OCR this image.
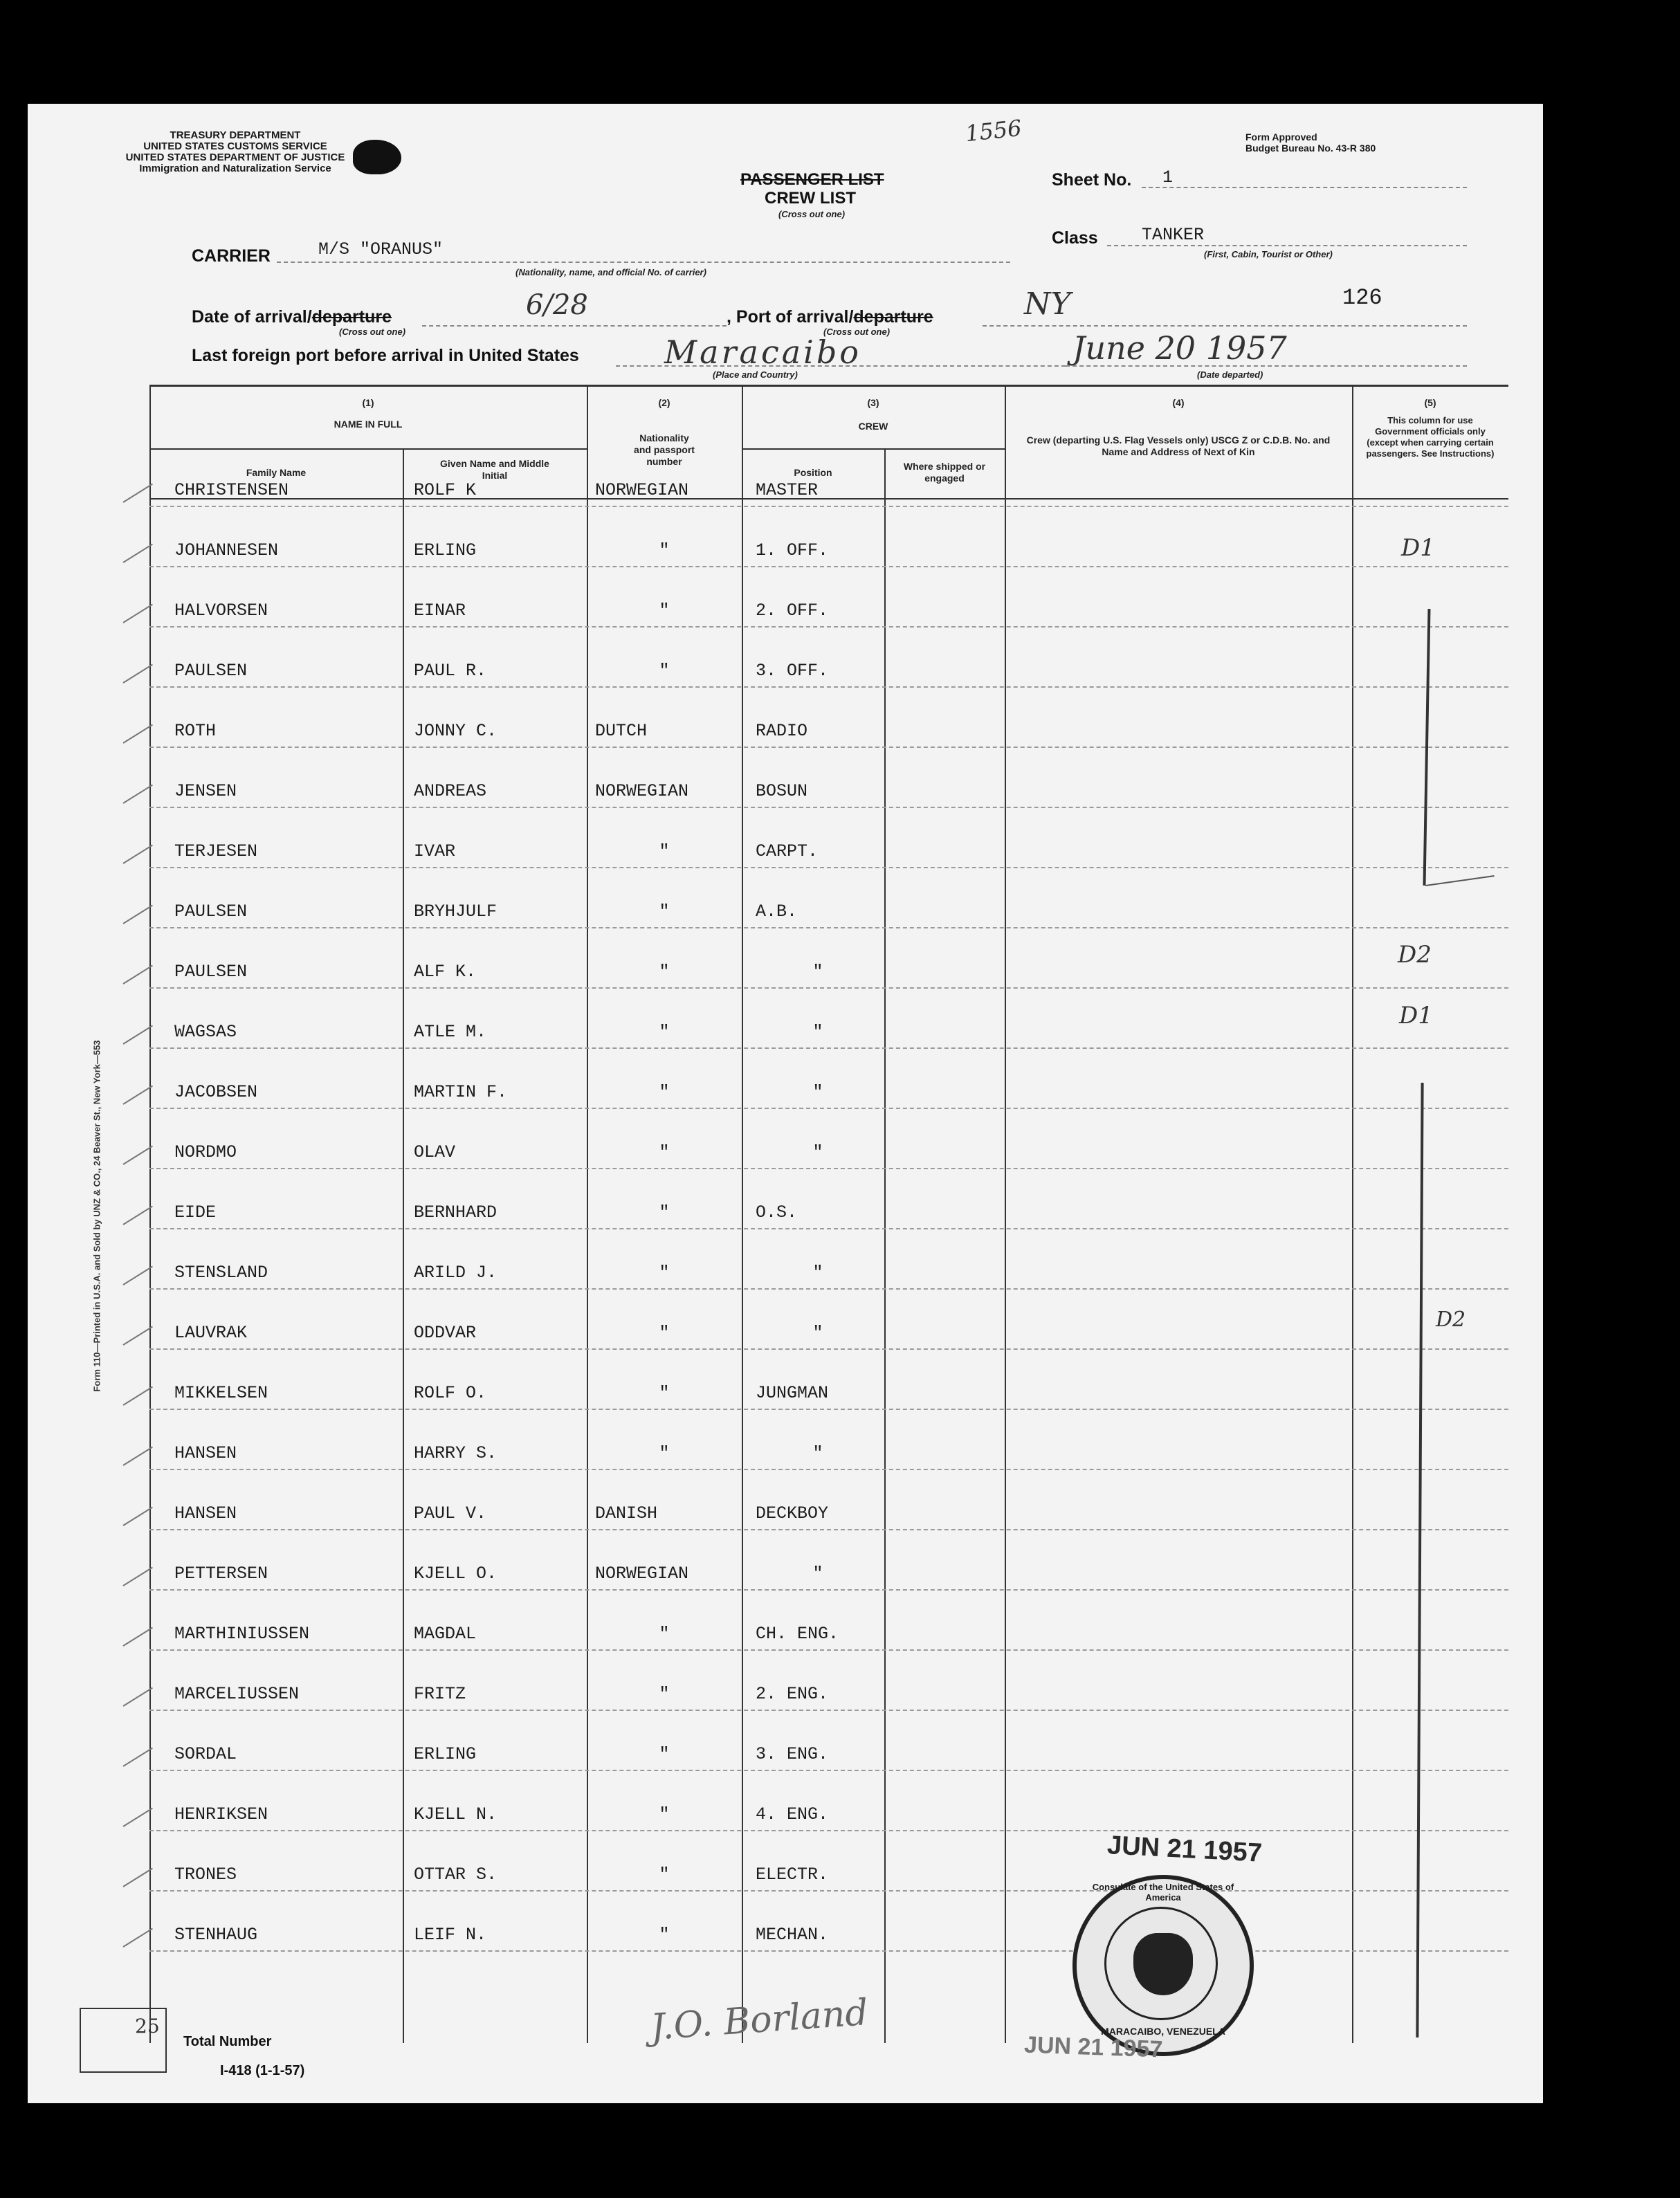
TREASURY DEPARTMENT
UNITED STATES CUSTOMS SERVICE
UNITED STATES DEPARTMENT OF JUSTICE
Immigration and Naturalization Service
1556	Form Approved
Budget Bureau No. 43-R 380
PASSENGER LIST
CREW LIST
(Cross out one)
Sheet No. 1
Class	TANKER
(First, Cabin, Tourist or Other)
CARRIER	M/S "ORANUS"
(Nationality, name, and official No. of carrier)
Date of arrival/departure
(Cross out one)
6/28	, Port of arrival/departure
(Cross out one)
NY	126
Last foreign port before arrival in United States	Maracaibo
(Place and Country)
June 20 1957
(Date departed)
(1)
NAME IN FULL
Family Name
Given Name and Middle Initial
(2)
Nationality and passport number
(3)
CREW
Position
Where shipped or engaged
(4)
Crew (departing U.S. Flag Vessels only) USCG Z or C.D.B. No. and Name and Address of Next of Kin
(5)
This column for use Government officials only (except when carrying certain passengers. See Instructions)
CHRISTENSEN	ROLF K	NORWEGIAN	MASTER
JOHANNESEN	ERLING	"	1. OFF.
HALVORSEN	EINAR	"	2. OFF.
PAULSEN	PAUL R.	"	3. OFF.
ROTH	JONNY C.	DUTCH	RADIO
JENSEN	ANDREAS	NORWEGIAN	BOSUN
TERJESEN	IVAR	"	CARPT.
PAULSEN	BRYHJULF	"	A.B.
PAULSEN	ALF K.	"	"
WAGSAS	ATLE M.	"	"
JACOBSEN	MARTIN F.	"	"
NORDMO	OLAV	"	"
EIDE	BERNHARD	"	O.S.
STENSLAND	ARILD J.	"	"
LAUVRAK	ODDVAR	"	"
MIKKELSEN	ROLF O.	"	JUNGMAN
HANSEN	HARRY S.	"	"
HANSEN	PAUL V.	DANISH	DECKBOY
PETTERSEN	KJELL O.	NORWEGIAN	"
MARTHINIUSSEN	MAGDAL	"	CH. ENG.
MARCELIUSSEN	FRITZ	"	2. ENG.
SORDAL	ERLING	"	3. ENG.
HENRIKSEN	KJELL N.	"	4. ENG.
TRONES	OTTAR S.	"	ELECTR.
STENHAUG	LEIF N.	"	MECHAN.
D1
D2
D1
D2
JUN 21 1957
Consulate of the United States of America
MARACAIBO, VENEZUELA
25
Total Number
I-418 (1-1-57)
J.O. Borland	JUN 21 1957
Form 110—Printed in U.S.A. and Sold by UNZ & CO., 24 Beaver St., New York—553
